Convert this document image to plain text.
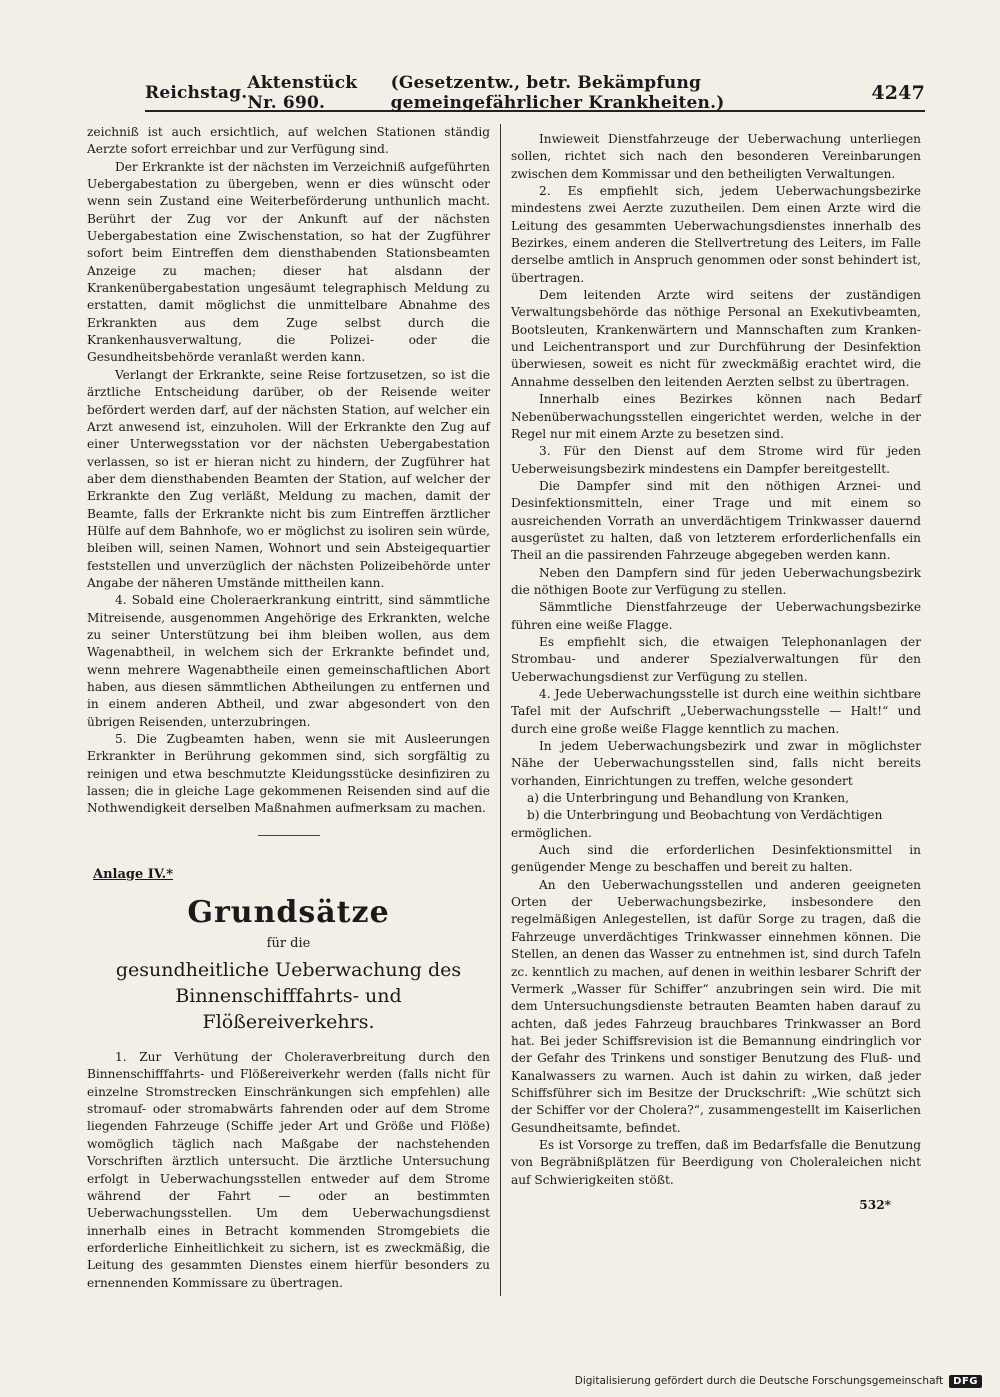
Reichstag. Aktenstück Nr. 690.
(Gesetzentw., betr. Bekämpfung gemeingefährlicher Krankheiten.)	4247

zeichniß ist auch ersichtlich, auf welchen Stationen ständig Aerzte sofort erreichbar und zur Verfügung sind.

Der Erkrankte ist der nächsten im Verzeichniß aufgeführten Uebergabestation zu übergeben, wenn er dies wünscht oder wenn sein Zustand eine Weiterbeförderung unthunlich macht. Berührt der Zug vor der Ankunft auf der nächsten Uebergabestation eine Zwischenstation, so hat der Zugführer sofort beim Eintreffen dem diensthabenden Stationsbeamten Anzeige zu machen; dieser hat alsdann der Krankenübergabestation ungesäumt telegraphisch Meldung zu erstatten, damit möglichst die unmittelbare Abnahme des Erkrankten aus dem Zuge selbst durch die Krankenhausverwaltung, die Polizei- oder die Gesundheitsbehörde veranlaßt werden kann.

Verlangt der Erkrankte, seine Reise fortzusetzen, so ist die ärztliche Entscheidung darüber, ob der Reisende weiter befördert werden darf, auf der nächsten Station, auf welcher ein Arzt anwesend ist, einzuholen. Will der Erkrankte den Zug auf einer Unterwegsstation vor der nächsten Uebergabestation verlassen, so ist er hieran nicht zu hindern, der Zugführer hat aber dem diensthabenden Beamten der Station, auf welcher der Erkrankte den Zug verläßt, Meldung zu machen, damit der Beamte, falls der Erkrankte nicht bis zum Eintreffen ärztlicher Hülfe auf dem Bahnhofe, wo er möglichst zu isoliren sein würde, bleiben will, seinen Namen, Wohnort und sein Absteigequartier feststellen und unverzüglich der nächsten Polizeibehörde unter Angabe der näheren Umstände mittheilen kann.

4. Sobald eine Choleraerkrankung eintritt, sind sämmtliche Mitreisende, ausgenommen Angehörige des Erkrankten, welche zu seiner Unterstützung bei ihm bleiben wollen, aus dem Wagenabtheil, in welchem sich der Erkrankte befindet und, wenn mehrere Wagenabtheile einen gemeinschaftlichen Abort haben, aus diesen sämmtlichen Abtheilungen zu entfernen und in einem anderen Abtheil, und zwar abgesondert von den übrigen Reisenden, unterzubringen.

5. Die Zugbeamten haben, wenn sie mit Ausleerungen Erkrankter in Berührung gekommen sind, sich sorgfältig zu reinigen und etwa beschmutzte Kleidungsstücke desinfiziren zu lassen; die in gleiche Lage gekommenen Reisenden sind auf die Nothwendigkeit derselben Maßnahmen aufmerksam zu machen.

Anlage IV.*
Grundsätze
für die
gesundheitliche Ueberwachung des Binnenschifffahrts- und Flößereiverkehrs.

1. Zur Verhütung der Choleraverbreitung durch den Binnenschifffahrts- und Flößereiverkehr werden (falls nicht für einzelne Stromstrecken Einschränkungen sich empfehlen) alle stromauf- oder stromabwärts fahrenden oder auf dem Strome liegenden Fahrzeuge (Schiffe jeder Art und Größe und Flöße) womöglich täglich nach Maßgabe der nachstehenden Vorschriften ärztlich untersucht. Die ärztliche Untersuchung erfolgt in Ueberwachungsstellen entweder auf dem Strome während der Fahrt — oder an bestimmten Ueberwachungsstellen. Um dem Ueberwachungsdienst innerhalb eines in Betracht kommenden Stromgebiets die erforderliche Einheitlichkeit zu sichern, ist es zweckmäßig, die Leitung des gesammten Dienstes einem hierfür besonders zu ernennenden Kommissare zu übertragen.

Inwieweit Dienstfahrzeuge der Ueberwachung unterliegen sollen, richtet sich nach den besonderen Vereinbarungen zwischen dem Kommissar und den betheiligten Verwaltungen.

2. Es empfiehlt sich, jedem Ueberwachungsbezirke mindestens zwei Aerzte zuzutheilen. Dem einen Arzte wird die Leitung des gesammten Ueberwachungsdienstes innerhalb des Bezirkes, einem anderen die Stellvertretung des Leiters, im Falle derselbe amtlich in Anspruch genommen oder sonst behindert ist, übertragen.

Dem leitenden Arzte wird seitens der zuständigen Verwaltungsbehörde das nöthige Personal an Exekutivbeamten, Bootsleuten, Krankenwärtern und Mannschaften zum Kranken- und Leichentransport und zur Durchführung der Desinfektion überwiesen, soweit es nicht für zweckmäßig erachtet wird, die Annahme desselben den leitenden Aerzten selbst zu übertragen.

Innerhalb eines Bezirkes können nach Bedarf Nebenüberwachungsstellen eingerichtet werden, welche in der Regel nur mit einem Arzte zu besetzen sind.

3. Für den Dienst auf dem Strome wird für jeden Ueberweisungsbezirk mindestens ein Dampfer bereitgestellt.

Die Dampfer sind mit den nöthigen Arznei- und Desinfektionsmitteln, einer Trage und mit einem so ausreichenden Vorrath an unverdächtigem Trinkwasser dauernd ausgerüstet zu halten, daß von letzterem erforderlichenfalls ein Theil an die passirenden Fahrzeuge abgegeben werden kann.

Neben den Dampfern sind für jeden Ueberwachungsbezirk die nöthigen Boote zur Verfügung zu stellen.

Sämmtliche Dienstfahrzeuge der Ueberwachungsbezirke führen eine weiße Flagge.

Es empfiehlt sich, die etwaigen Telephonanlagen der Strombau- und anderer Spezialverwaltungen für den Ueberwachungsdienst zur Verfügung zu stellen.

4. Jede Ueberwachungsstelle ist durch eine weithin sichtbare Tafel mit der Aufschrift „Ueberwachungsstelle — Halt!“ und durch eine große weiße Flagge kenntlich zu machen.

In jedem Ueberwachungsbezirk und zwar in möglichster Nähe der Ueberwachungsstellen sind, falls nicht bereits vorhanden, Einrichtungen zu treffen, welche gesondert

a) die Unterbringung und Behandlung von Kranken,

b) die Unterbringung und Beobachtung von Verdächtigen

ermöglichen.

Auch sind die erforderlichen Desinfektionsmittel in genügender Menge zu beschaffen und bereit zu halten.

An den Ueberwachungsstellen und anderen geeigneten Orten der Ueberwachungsbezirke, insbesondere den regelmäßigen Anlegestellen, ist dafür Sorge zu tragen, daß die Fahrzeuge unverdächtiges Trinkwasser einnehmen können. Die Stellen, an denen das Wasser zu entnehmen ist, sind durch Tafeln zc. kenntlich zu machen, auf denen in weithin lesbarer Schrift der Vermerk „Wasser für Schiffer“ anzubringen sein wird. Die mit dem Untersuchungsdienste betrauten Beamten haben darauf zu achten, daß jedes Fahrzeug brauchbares Trinkwasser an Bord hat. Bei jeder Schiffsrevision ist die Bemannung eindringlich vor der Gefahr des Trinkens und sonstiger Benutzung des Fluß- und Kanalwassers zu warnen. Auch ist dahin zu wirken, daß jeder Schiffsführer sich im Besitze der Druckschrift: „Wie schützt sich der Schiffer vor der Cholera?“, zusammengestellt im Kaiserlichen Gesundheitsamte, befindet.

Es ist Vorsorge zu treffen, daß im Bedarfsfalle die Benutzung von Begräbnißplätzen für Beerdigung von Choleraleichen nicht auf Schwierigkeiten stößt.

532*
Digitalisierung gefördert durch die Deutsche Forschungsgemeinschaft	DFG
